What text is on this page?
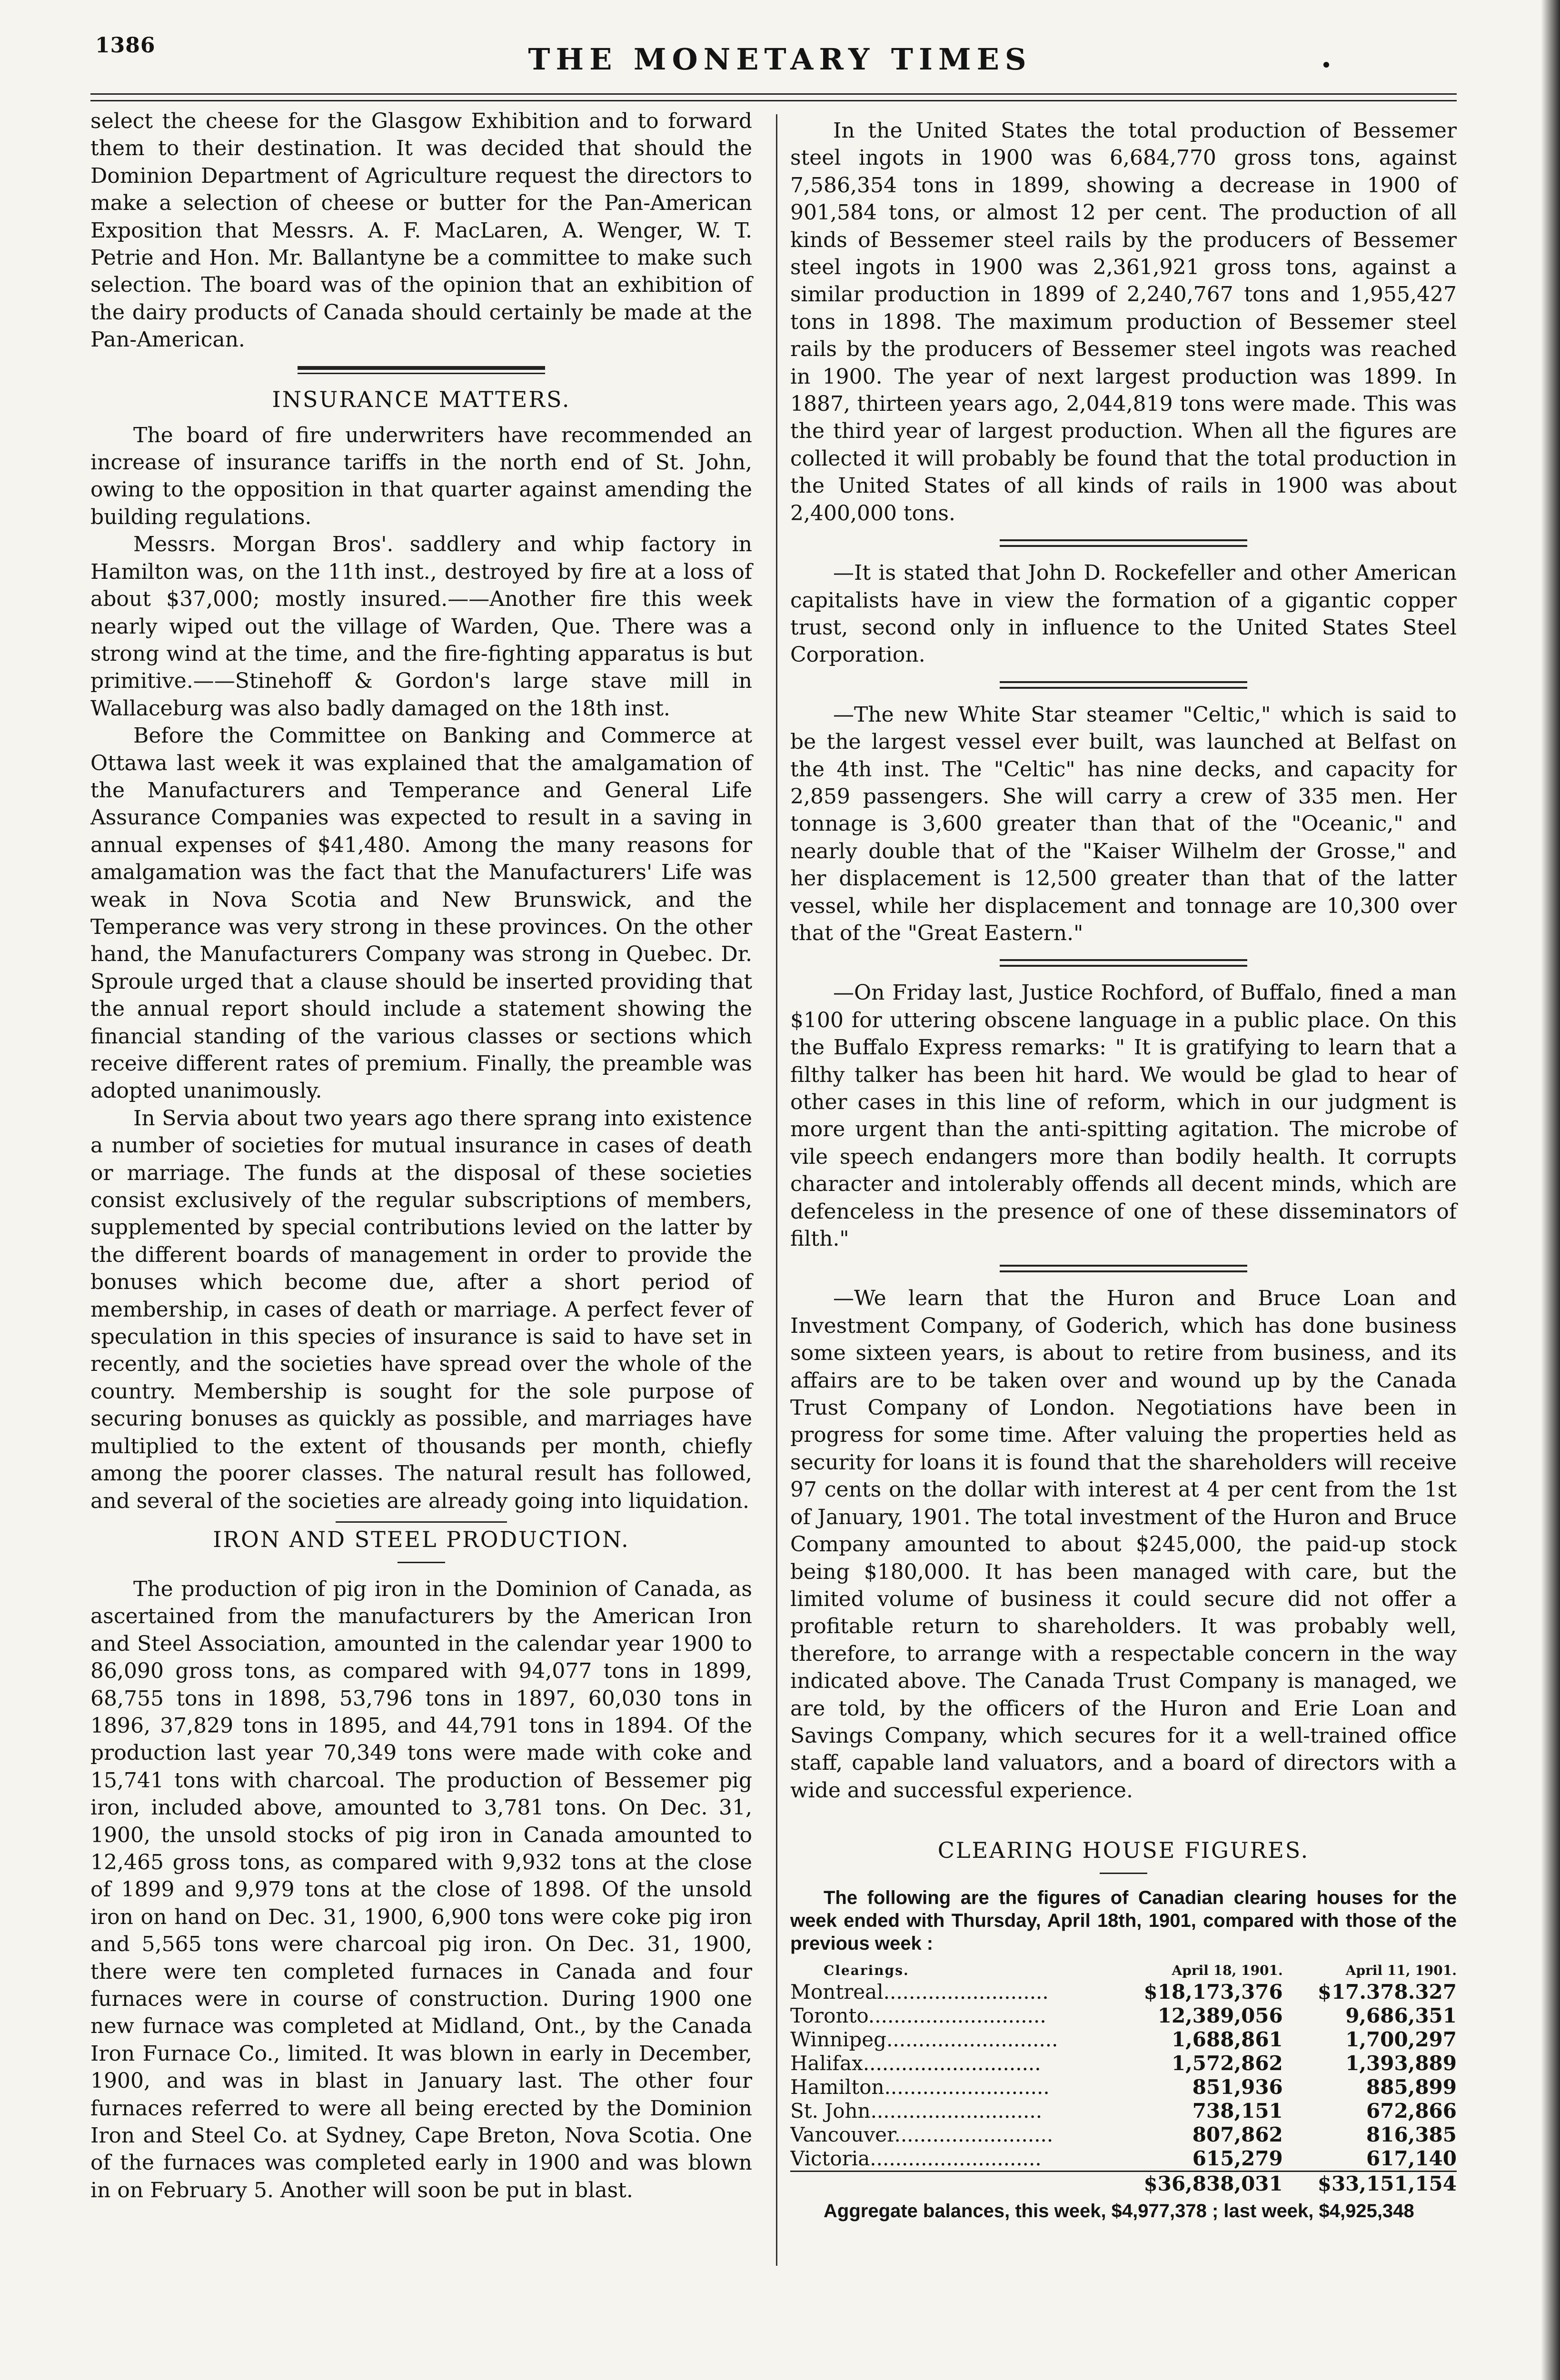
1386	THE MONETARY TIMES

select the cheese for the Glasgow Exhibition and to forward them to their destination. It was decided that should the Dominion Department of Agriculture request the directors to make a selection of cheese or butter for the Pan-American Exposition that Messrs. A. F. MacLaren, A. Wenger, W. T. Petrie and Hon. Mr. Ballantyne be a committee to make such selection. The board was of the opinion that an exhibition of the dairy products of Canada should certainly be made at the Pan-American.

INSURANCE MATTERS.

The board of fire underwriters have recommended an increase of insurance tariffs in the north end of St. John, owing to the opposition in that quarter against amending the building regulations.

Messrs. Morgan Bros'. saddlery and whip factory in Hamilton was, on the 11th inst., destroyed by fire at a loss of about $37,000; mostly insured.——Another fire this week nearly wiped out the village of Warden, Que. There was a strong wind at the time, and the fire-fighting apparatus is but primitive.——Stinehoff & Gordon's large stave mill in Wallaceburg was also badly damaged on the 18th inst.

Before the Committee on Banking and Commerce at Ottawa last week it was explained that the amalgamation of the Manufacturers and Temperance and General Life Assurance Companies was expected to result in a saving in annual expenses of $41,480. Among the many reasons for amalgamation was the fact that the Manufacturers' Life was weak in Nova Scotia and New Brunswick, and the Temperance was very strong in these provinces. On the other hand, the Manufacturers Company was strong in Quebec. Dr. Sproule urged that a clause should be inserted providing that the annual report should include a statement showing the financial standing of the various classes or sections which receive different rates of premium. Finally, the preamble was adopted unanimously.

In Servia about two years ago there sprang into existence a number of societies for mutual insurance in cases of death or marriage. The funds at the disposal of these societies consist exclusively of the regular subscriptions of members, supplemented by special contributions levied on the latter by the different boards of management in order to provide the bonuses which become due, after a short period of membership, in cases of death or marriage. A perfect fever of speculation in this species of insurance is said to have set in recently, and the societies have spread over the whole of the country. Membership is sought for the sole purpose of securing bonuses as quickly as possible, and marriages have multiplied to the extent of thousands per month, chiefly among the poorer classes. The natural result has followed, and several of the societies are already going into liquidation.

IRON AND STEEL PRODUCTION.

The production of pig iron in the Dominion of Canada, as ascertained from the manufacturers by the American Iron and Steel Association, amounted in the calendar year 1900 to 86,090 gross tons, as compared with 94,077 tons in 1899, 68,755 tons in 1898, 53,796 tons in 1897, 60,030 tons in 1896, 37,829 tons in 1895, and 44,791 tons in 1894. Of the production last year 70,349 tons were made with coke and 15,741 tons with charcoal. The production of Bessemer pig iron, included above, amounted to 3,781 tons. On Dec. 31, 1900, the unsold stocks of pig iron in Canada amounted to 12,465 gross tons, as compared with 9,932 tons at the close of 1899 and 9,979 tons at the close of 1898. Of the unsold iron on hand on Dec. 31, 1900, 6,900 tons were coke pig iron and 5,565 tons were charcoal pig iron. On Dec. 31, 1900, there were ten completed furnaces in Canada and four furnaces were in course of construction. During 1900 one new furnace was completed at Midland, Ont., by the Canada Iron Furnace Co., limited. It was blown in early in December, 1900, and was in blast in January last. The other four furnaces referred to were all being erected by the Dominion Iron and Steel Co. at Sydney, Cape Breton, Nova Scotia. One of the furnaces was completed early in 1900 and was blown in on February 5. Another will soon be put in blast.

In the United States the total production of Bessemer steel ingots in 1900 was 6,684,770 gross tons, against 7,586,354 tons in 1899, showing a decrease in 1900 of 901,584 tons, or almost 12 per cent. The production of all kinds of Bessemer steel rails by the producers of Bessemer steel ingots in 1900 was 2,361,921 gross tons, against a similar production in 1899 of 2,240,767 tons and 1,955,427 tons in 1898. The maximum production of Bessemer steel rails by the producers of Bessemer steel ingots was reached in 1900. The year of next largest production was 1899. In 1887, thirteen years ago, 2,044,819 tons were made. This was the third year of largest production. When all the figures are collected it will probably be found that the total production in the United States of all kinds of rails in 1900 was about 2,400,000 tons.

—It is stated that John D. Rockefeller and other American capitalists have in view the formation of a gigantic copper trust, second only in influence to the United States Steel Corporation.

—The new White Star steamer "Celtic," which is said to be the largest vessel ever built, was launched at Belfast on the 4th inst. The "Celtic" has nine decks, and capacity for 2,859 passengers. She will carry a crew of 335 men. Her tonnage is 3,600 greater than that of the "Oceanic," and nearly double that of the "Kaiser Wilhelm der Grosse," and her displacement is 12,500 greater than that of the latter vessel, while her displacement and tonnage are 10,300 over that of the "Great Eastern."

—On Friday last, Justice Rochford, of Buffalo, fined a man $100 for uttering obscene language in a public place. On this the Buffalo Express remarks: " It is gratifying to learn that a filthy talker has been hit hard. We would be glad to hear of other cases in this line of reform, which in our judgment is more urgent than the anti-spitting agitation. The microbe of vile speech endangers more than bodily health. It corrupts character and intolerably offends all decent minds, which are defenceless in the presence of one of these disseminators of filth."

—We learn that the Huron and Bruce Loan and Investment Company, of Goderich, which has done business some sixteen years, is about to retire from business, and its affairs are to be taken over and wound up by the Canada Trust Company of London. Negotiations have been in progress for some time. After valuing the properties held as security for loans it is found that the shareholders will receive 97 cents on the dollar with interest at 4 per cent from the 1st of January, 1901. The total investment of the Huron and Bruce Company amounted to about $245,000, the paid-up stock being $180,000. It has been managed with care, but the limited volume of business it could secure did not offer a profitable return to shareholders. It was probably well, therefore, to arrange with a respectable concern in the way indicated above. The Canada Trust Company is managed, we are told, by the officers of the Huron and Erie Loan and Savings Company, which secures for it a well-trained office staff, capable land valuators, and a board of directors with a wide and successful experience.

CLEARING HOUSE FIGURES.

The following are the figures of Canadian clearing houses for the week ended with Thursday, April 18th, 1901, compared with those of the previous week :

Clearings.	April 18, 1901.	April 11, 1901.
Montreal..........................	$18,173,376	$17.378.327
Toronto............................	12,389,056	9,686,351
Winnipeg...........................	1,688,861	1,700,297
Halifax............................	1,572,862	1,393,889
Hamilton..........................	851,936	885,899
St. John...........................	738,151	672,866
Vancouver.........................	807,862	816,385
Victoria...........................	615,279	617,140
	$36,838,031	$33,151,154
Aggregate balances, this week, $4,977,378 ; last week, $4,925,348
